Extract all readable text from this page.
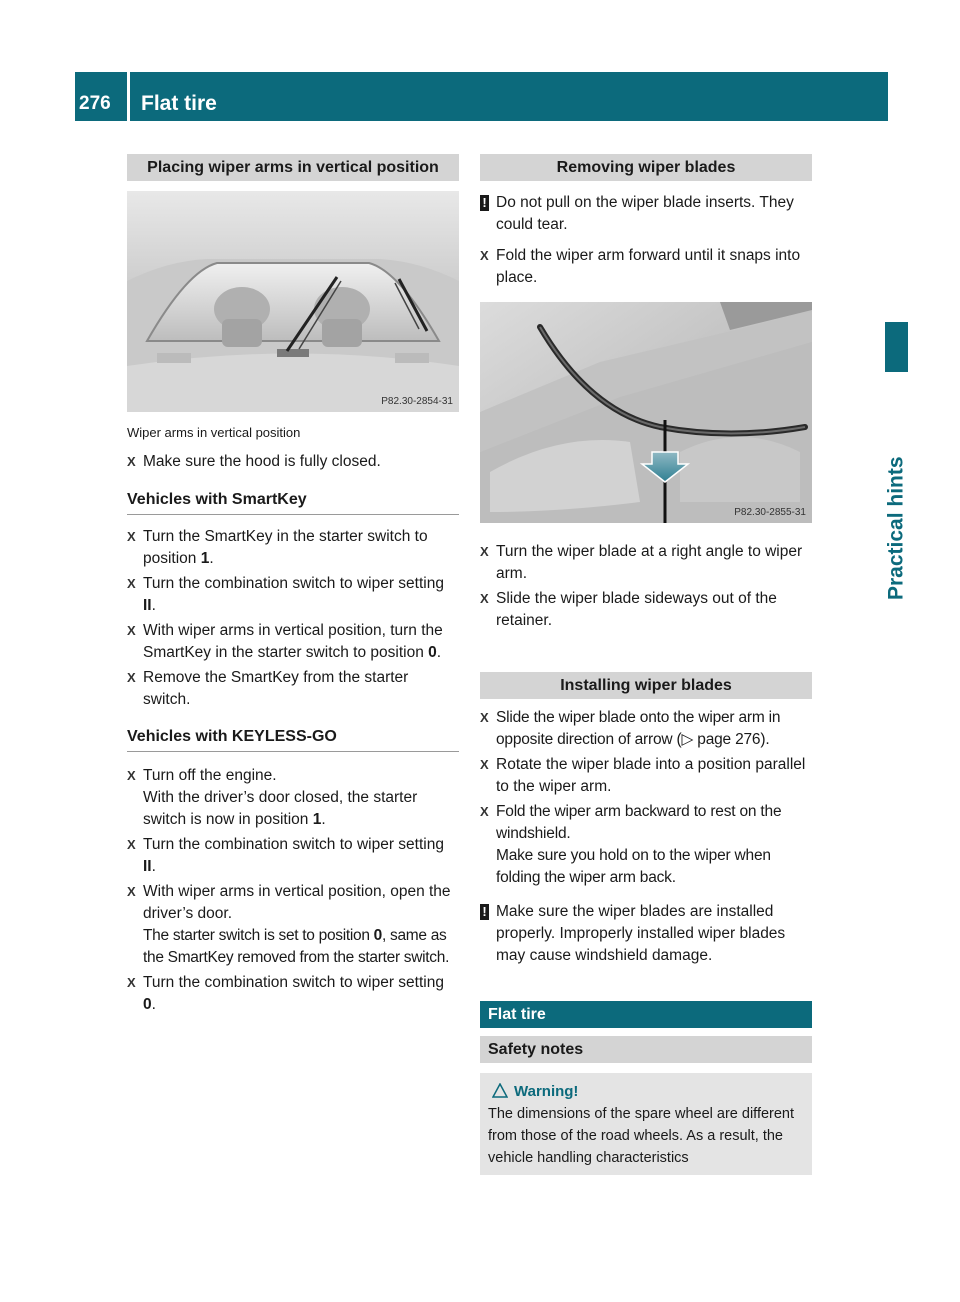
276	Flat tire
Practical hints
Placing wiper arms in vertical position
P82.30-2854-31
Wiper arms in vertical position
X Make sure the hood is fully closed.
Vehicles with SmartKey
X Turn the SmartKey in the starter switch to position 1.
X Turn the combination switch to wiper setting II.
X With wiper arms in vertical position, turn the SmartKey in the starter switch to position 0.
X Remove the SmartKey from the starter switch.
Vehicles with KEYLESS-GO
X Turn off the engine.
With the driver’s door closed, the starter switch is now in position 1.
X Turn the combination switch to wiper setting II.
X With wiper arms in vertical position, open the driver’s door.
The starter switch is set to position 0, same as the SmartKey removed from the starter switch.
X Turn the combination switch to wiper setting 0.
Removing wiper blades
! Do not pull on the wiper blade inserts. They could tear.
X Fold the wiper arm forward until it snaps into place.
P82.30-2855-31
X Turn the wiper blade at a right angle to wiper arm.
X Slide the wiper blade sideways out of the retainer.
Installing wiper blades
X Slide the wiper blade onto the wiper arm in opposite direction of arrow (▷ page 276).
X Rotate the wiper blade into a position parallel to the wiper arm.
X Fold the wiper arm backward to rest on the windshield.
Make sure you hold on to the wiper when folding the wiper arm back.
! Make sure the wiper blades are installed properly. Improperly installed wiper blades may cause windshield damage.
Flat tire
Safety notes
Warning!
The dimensions of the spare wheel are different from those of the road wheels. As a result, the vehicle handling characteristics
